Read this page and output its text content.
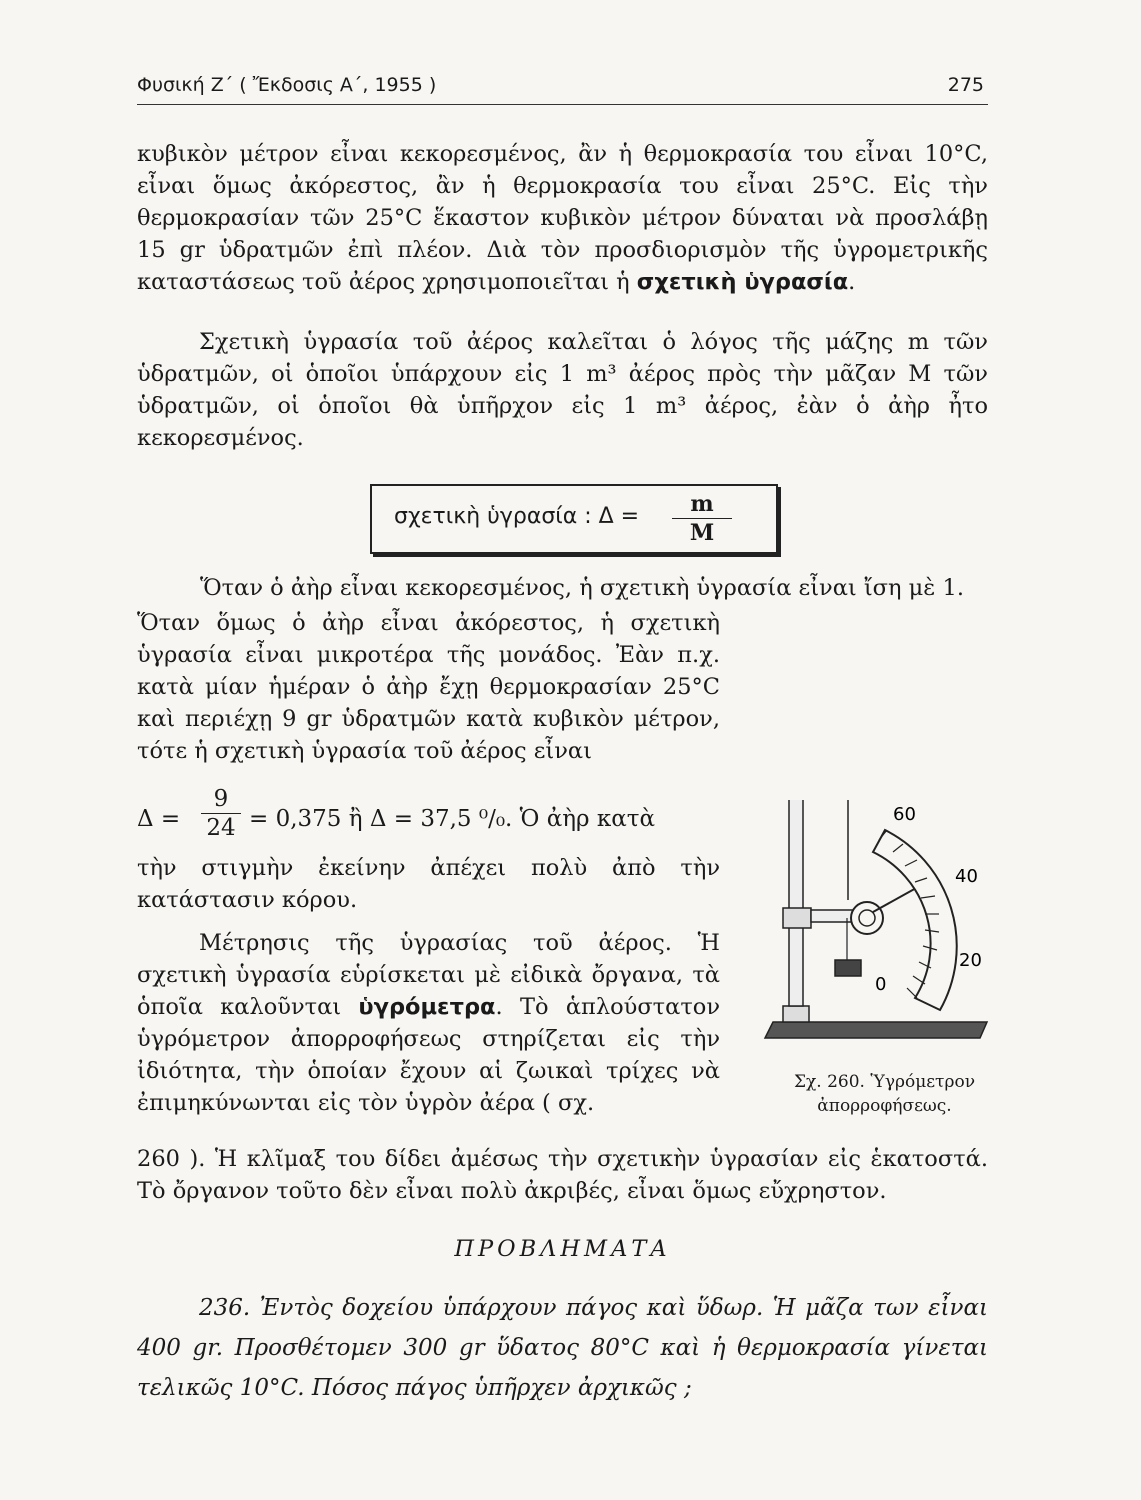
Φυσική Ζ΄ ( Ἔκδοσις Α΄, 1955 )	275

κυβικὸν μέτρον εἶναι κεκορεσμένος, ἂν ἡ θερμοκρασία του εἶναι 10°C, εἶναι ὅμως ἀκόρεστος, ἂν ἡ θερμοκρασία του εἶναι 25°C. Εἰς τὴν θερμοκρασίαν τῶν 25°C ἕκαστον κυβικὸν μέτρον δύναται νὰ προσλάβῃ 15 gr ὑδρατμῶν ἐπὶ πλέον. Διὰ τὸν προσδιορισμὸν τῆς ὑγρομετρικῆς καταστάσεως τοῦ ἀέρος χρησιμοποιεῖται ἡ σχετικὴ ὑγρασία.

Σχετικὴ ὑγρασία τοῦ ἀέρος καλεῖται ὁ λόγος τῆς μάζης m τῶν ὑδρατμῶν, οἱ ὁποῖοι ὑπάρχουν εἰς 1 m³ ἀέρος πρὸς τὴν μᾶζαν M τῶν ὑδρατμῶν, οἱ ὁποῖοι θὰ ὑπῆρχον εἰς 1 m³ ἀέρος, ἐὰν ὁ ἀὴρ ἦτο κεκορεσμένος.

σχετικὴ ὑγρασία : Δ =	m
M
Ὅταν ὁ ἀὴρ εἶναι κεκορεσμένος, ἡ σχετικὴ ὑγρασία εἶναι ἴση μὲ 1.

Ὅταν ὅμως ὁ ἀὴρ εἶναι ἀκόρεστος, ἡ σχετικὴ ὑγρασία εἶναι μικροτέρα τῆς μονάδος. Ἐὰν π.χ. κατὰ μίαν ἡμέραν ὁ ἀὴρ ἔχῃ θερμοκρασίαν 25°C καὶ περιέχῃ 9 gr ὑδρατμῶν κατὰ κυβικὸν μέτρον, τότε ἡ σχετικὴ ὑγρασία τοῦ ἀέρος εἶναι

Δ =
9
24 = 0,375 ἢ Δ = 37,5 ⁰/₀. Ὁ ἀὴρ κατὰ

τὴν στιγμὴν ἐκείνην ἀπέχει πολὺ ἀπὸ τὴν κατάστασιν κόρου.

Μέτρησις τῆς ὑγρασίας τοῦ ἀέρος. Ἡ σχετικὴ ὑγρασία εὑρίσκεται μὲ εἰδικὰ ὄργανα, τὰ ὁποῖα καλοῦνται ὑγρόμετρα. Τὸ ἁπλούστατον ὑγρόμετρον ἀπορροφήσεως στηρίζεται εἰς τὴν ἰδιότητα, τὴν ὁποίαν ἔχουν αἱ ζωικαὶ τρίχες νὰ ἐπιμηκύνωνται εἰς τὸν ὑγρὸν ἀέρα ( σχ.

260 ). Ἡ κλῖμαξ του δίδει ἀμέσως τὴν σχετικὴν ὑγρασίαν εἰς ἑκατοστά. Τὸ ὄργανον τοῦτο δὲν εἶναι πολὺ ἀκριβές, εἶναι ὅμως εὔχρηστον.

60
40
20
0
Σχ. 260. Ὑγρόμετρον
ἀπορροφήσεως.
ΠΡΟΒΛΗΜΑΤΑ

236. Ἐντὸς δοχείου ὑπάρχουν πάγος καὶ ὕδωρ. Ἡ μᾶζα των εἶναι 400 gr. Προσθέτομεν 300 gr ὕδατος 80°C καὶ ἡ θερμοκρασία γίνεται τελικῶς 10°C. Πόσος πάγος ὑπῆρχεν ἀρχικῶς ;
